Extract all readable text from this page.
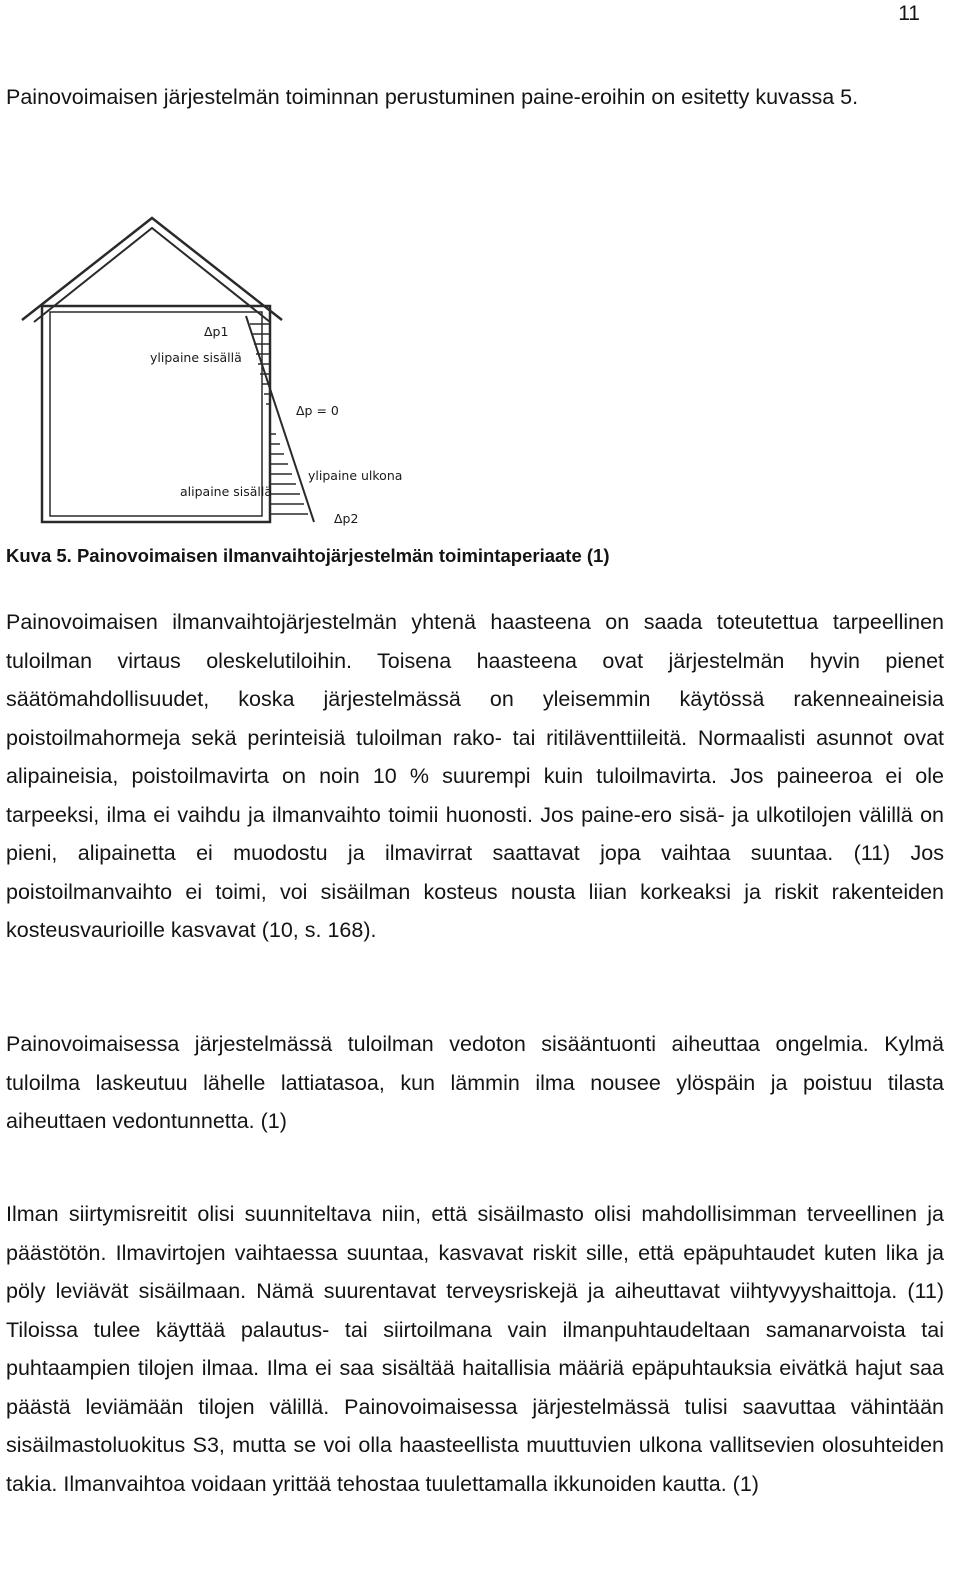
11

Painovoimaisen järjestelmän toiminnan perustuminen paine-eroihin on esitetty kuvassa 5.

Δp1
ylipaine sisällä
Δp = 0
ylipaine ulkona
alipaine sisällä
Δp2
Kuva 5. Painovoimaisen ilmanvaihtojärjestelmän toimintaperiaate (1)

Painovoimaisen ilmanvaihtojärjestelmän yhtenä haasteena on saada toteutettua tarpeellinen tuloilman virtaus oleskelutiloihin. Toisena haasteena ovat järjestelmän hyvin pienet säätömahdollisuudet, koska järjestelmässä on yleisemmin käytössä rakenneaineisia poistoilmahormeja sekä perinteisiä tuloilman rako- tai ritiläventtiileitä. Normaalisti asunnot ovat alipaineisia, poistoilmavirta on noin 10 % suurempi kuin tuloilmavirta. Jos paineeroa ei ole tarpeeksi, ilma ei vaihdu ja ilmanvaihto toimii huonosti. Jos paine-ero sisä- ja ulkotilojen välillä on pieni, alipainetta ei muodostu ja ilmavirrat saattavat jopa vaihtaa suuntaa. (11) Jos poistoilmanvaihto ei toimi, voi sisäilman kosteus nousta liian korkeaksi ja riskit rakenteiden kosteusvaurioille kasvavat (10, s. 168).

Painovoimaisessa järjestelmässä tuloilman vedoton sisääntuonti aiheuttaa ongelmia. Kylmä tuloilma laskeutuu lähelle lattiatasoa, kun lämmin ilma nousee ylöspäin ja poistuu tilasta aiheuttaen vedontunnetta. (1)

Ilman siirtymisreitit olisi suunniteltava niin, että sisäilmasto olisi mahdollisimman terveellinen ja päästötön. Ilmavirtojen vaihtaessa suuntaa, kasvavat riskit sille, että epäpuhtaudet kuten lika ja pöly leviävät sisäilmaan. Nämä suurentavat terveysriskejä ja aiheuttavat viihtyvyyshaittoja. (11) Tiloissa tulee käyttää palautus- tai siirtoilmana vain ilmanpuhtaudeltaan samanarvoista tai puhtaampien tilojen ilmaa. Ilma ei saa sisältää haitallisia määriä epäpuhtauksia eivätkä hajut saa päästä leviämään tilojen välillä. Painovoimaisessa järjestelmässä tulisi saavuttaa vähintään sisäilmastoluokitus S3, mutta se voi olla haasteellista muuttuvien ulkona vallitsevien olosuhteiden takia. Ilmanvaihtoa voidaan yrittää tehostaa tuulettamalla ikkunoiden kautta. (1)
